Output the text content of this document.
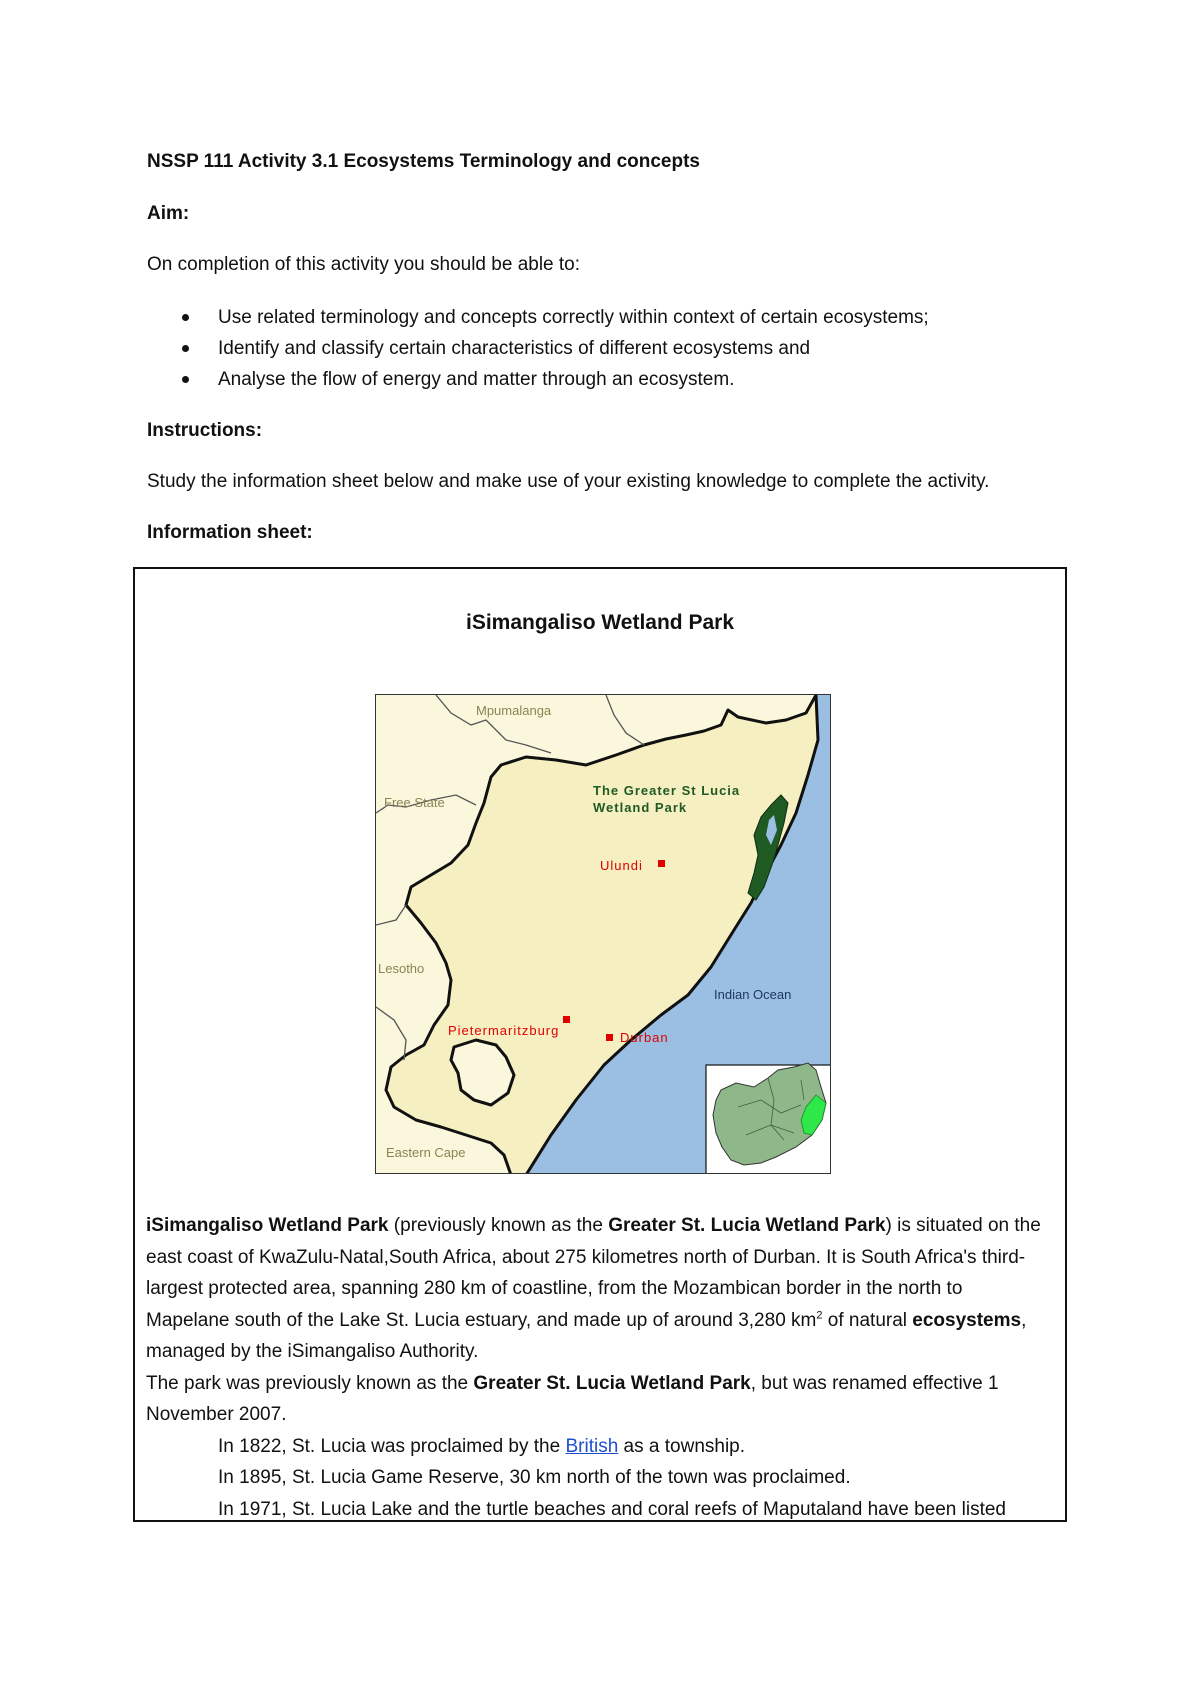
NSSP 111 Activity 3.1 Ecosystems Terminology and concepts
Aim:
On completion of this activity you should be able to:
Use related terminology and concepts correctly within context of certain ecosystems;
Identify and classify certain characteristics of different ecosystems and
Analyse the flow of energy and matter through an ecosystem.
Instructions:
Study the information sheet below and make use of your existing knowledge to complete the activity.
Information sheet:
iSimangaliso Wetland Park
Mpumalanga
Free State
Lesotho
Eastern Cape
Indian Ocean
The Greater St Lucia
Wetland Park
Ulundi
Pietermaritzburg	Durban

iSimangaliso Wetland Park (previously known as the Greater St. Lucia Wetland Park) is situated on the east coast of KwaZulu-Natal,South Africa, about 275 kilometres north of Durban. It is South Africa's third-largest protected area, spanning 280 km of coastline, from the Mozambican border in the north to Mapelane south of the Lake St. Lucia estuary, and made up of around 3,280 $km^2$ of natural ecosystems, managed by the iSimangaliso Authority.

The park was previously known as the Greater St. Lucia Wetland Park, but was renamed effective 1 November 2007.

In 1822, St. Lucia was proclaimed by the British as a township.

In 1895, St. Lucia Game Reserve, 30 km north of the town was proclaimed.

In 1971, St. Lucia Lake and the turtle beaches and coral reefs of Maputaland have been listed
